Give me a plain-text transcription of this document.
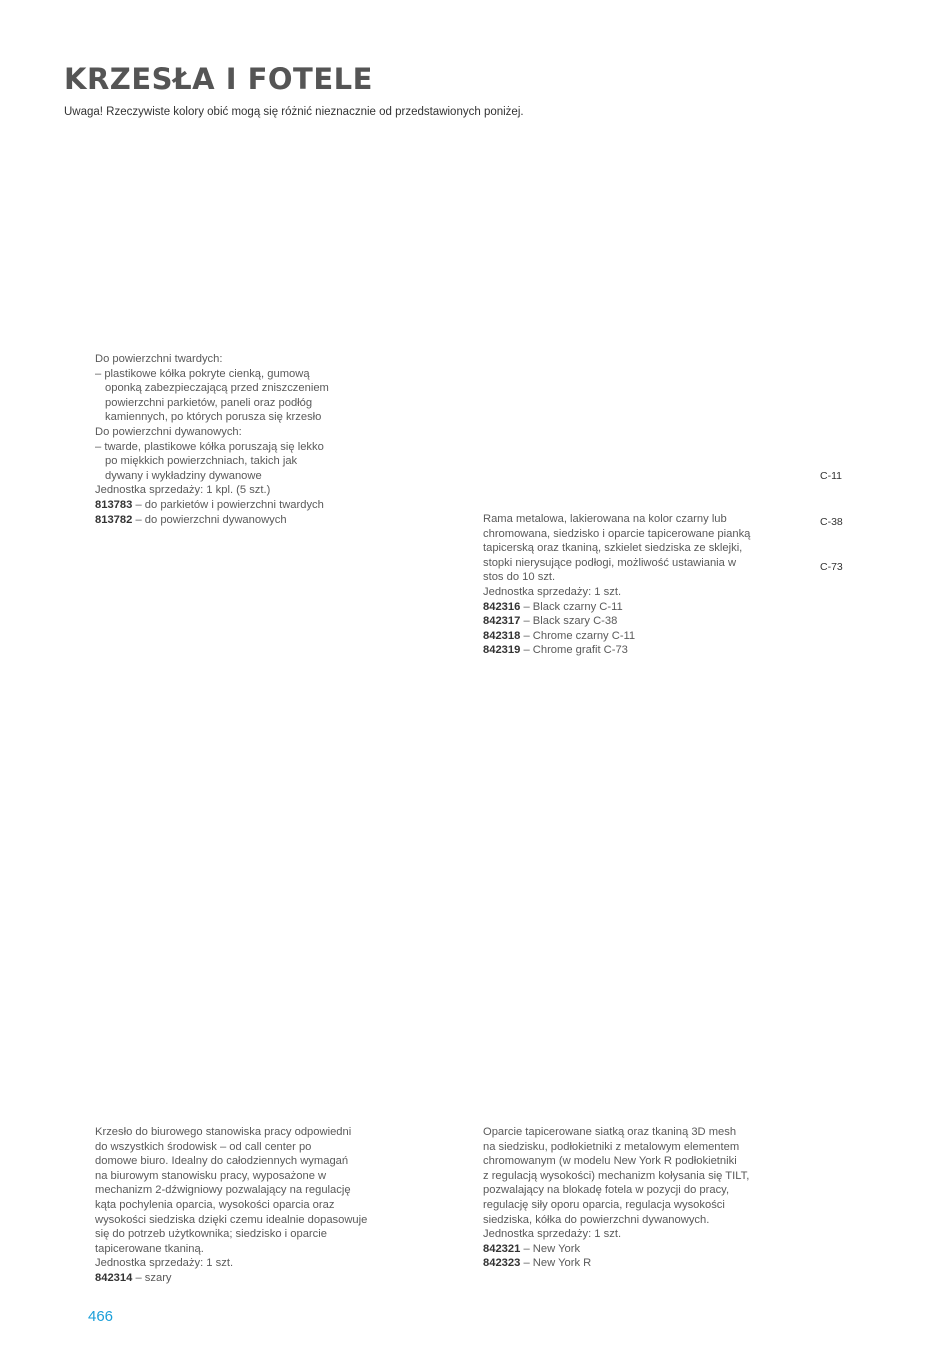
KRZESŁA I FOTELE
Uwaga! Rzeczywiste kolory obić mogą się różnić nieznacznie od przedstawionych poniżej.
Do powierzchni twardych:
– plastikowe kółka pokryte cienką, gumową
oponką zabezpieczającą przed zniszczeniem
powierzchni parkietów, paneli oraz podłóg
kamiennych, po których porusza się krzesło
Do powierzchni dywanowych:
– twarde, plastikowe kółka poruszają się lekko
po miękkich powierzchniach, takich jak
dywany i wykładziny dywanowe
Jednostka sprzedaży: 1 kpl. (5 szt.)
813783 – do parkietów i powierzchni twardych
813782 – do powierzchni dywanowych
C-11
C-38
C-73
Rama metalowa, lakierowana na kolor czarny lub
chromowana, siedzisko i oparcie tapicerowane pianką
tapicerską oraz tkaniną, szkielet siedziska ze sklejki,
stopki nierysujące podłogi, możliwość ustawiania w
stos do 10 szt.
Jednostka sprzedaży: 1 szt.
842316 – Black czarny C-11
842317 – Black szary C-38
842318 – Chrome czarny C-11
842319 – Chrome grafit C-73
Krzesło do biurowego stanowiska pracy odpowiedni
do wszystkich środowisk – od call center po
domowe biuro. Idealny do całodziennych wymagań
na biurowym stanowisku pracy, wyposażone w
mechanizm 2-dźwigniowy pozwalający na regulację
kąta pochylenia oparcia, wysokości oparcia oraz
wysokości siedziska dzięki czemu idealnie dopasowuje
się do potrzeb użytkownika; siedzisko i oparcie
tapicerowane tkaniną.
Jednostka sprzedaży: 1 szt.
842314 – szary
Oparcie tapicerowane siatką oraz tkaniną 3D mesh
na siedzisku, podłokietniki z metalowym elementem
chromowanym (w modelu New York R podłokietniki
z regulacją wysokości) mechanizm kołysania się TILT,
pozwalający na blokadę fotela w pozycji do pracy,
regulację siły oporu oparcia, regulacja wysokości
siedziska, kółka do powierzchni dywanowych.
Jednostka sprzedaży: 1 szt.
842321 – New York
842323 – New York R
466
